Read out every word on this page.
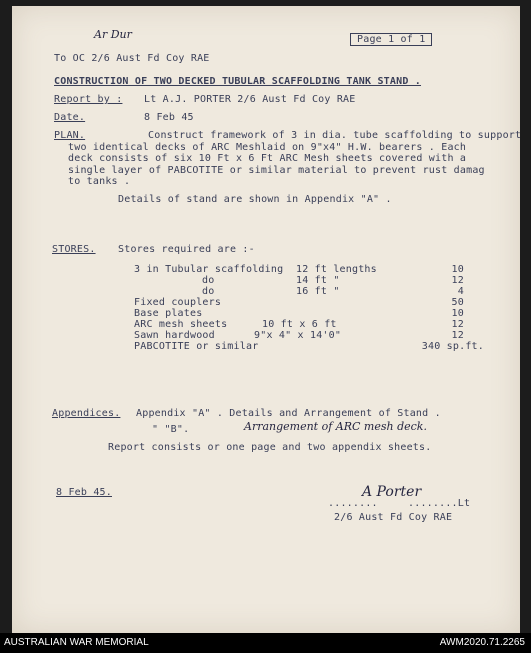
Ar Dur	Page 1 of 1
To OC 2/6 Aust Fd Coy RAE
CONSTRUCTION OF TWO DECKED TUBULAR SCAFFOLDING TANK STAND .
Report by : Lt A.J. PORTER 2/6 Aust Fd Coy RAE
Date.	8 Feb 45
PLAN.	Construct framework of 3 in dia. tube scaffolding to support
two identical decks of ARC Meshlaid on 9"x4" H.W. bearers . Each
deck consists of six 10 Ft x 6 Ft ARC Mesh sheets covered with a
single layer of PABCOTITE or similar material to prevent rust damag
to tanks .
Details of stand are shown in Appendix "A" .
STORES. Stores required are :-
3 in Tubular scaffolding 12 ft lengths	10
do	14 ft "	12
do	16 ft "	4
Fixed couplers	50
Base plates	10
ARC mesh sheets	10 ft x 6 ft	12
Sawn hardwood	9"x 4" x 14'0"	12
PABCOTITE or similar	340 sp.ft.
Appendices. Appendix "A" . Details and Arrangement of Stand .
" "B".	Arrangement of ARC mesh deck.
Report consists or one page and two appendix sheets.
8 Feb 45.
........
A Porter
........Lt
2/6 Aust Fd Coy RAE
AUSTRALIAN WAR MEMORIAL	AWM2020.71.2265
